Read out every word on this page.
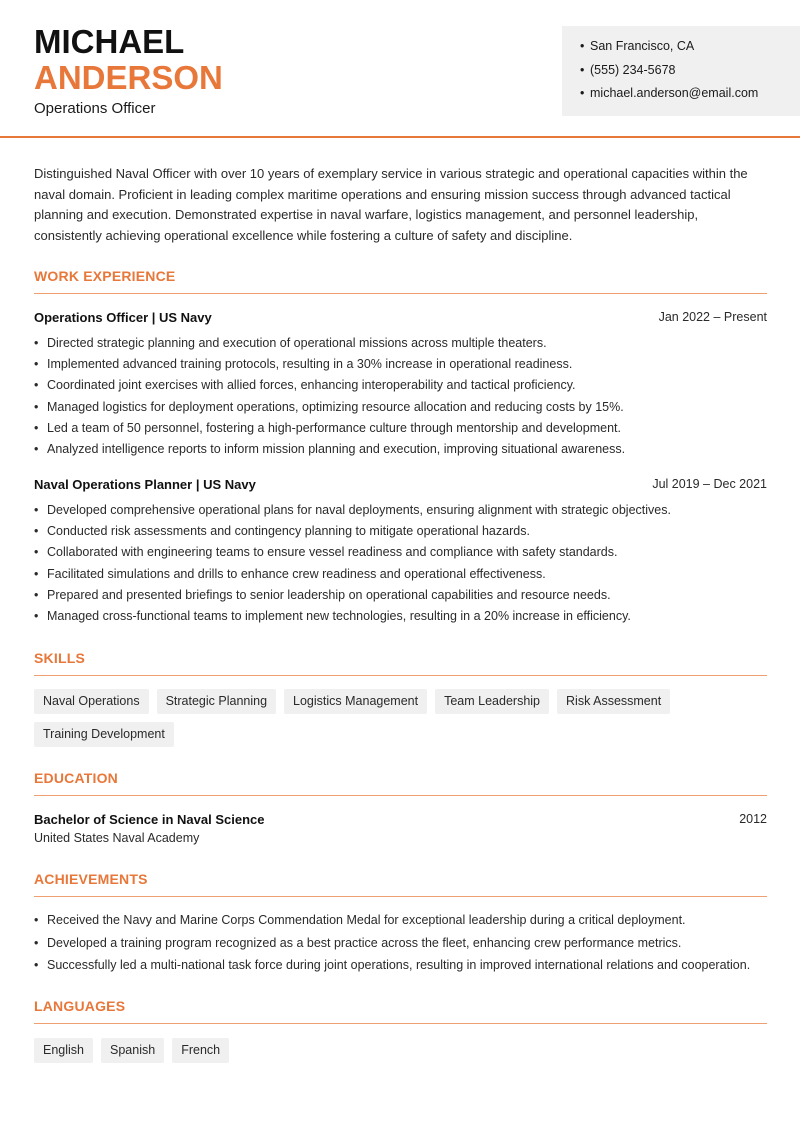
MICHAEL
ANDERSON
Operations Officer
• San Francisco, CA
• (555) 234-5678
• michael.anderson@email.com
Distinguished Naval Officer with over 10 years of exemplary service in various strategic and operational capacities within the naval domain. Proficient in leading complex maritime operations and ensuring mission success through advanced tactical planning and execution. Demonstrated expertise in naval warfare, logistics management, and personnel leadership, consistently achieving operational excellence while fostering a culture of safety and discipline.
WORK EXPERIENCE
Operations Officer | US Navy	Jan 2022 – Present
• Directed strategic planning and execution of operational missions across multiple theaters.
• Implemented advanced training protocols, resulting in a 30% increase in operational readiness.
• Coordinated joint exercises with allied forces, enhancing interoperability and tactical proficiency.
• Managed logistics for deployment operations, optimizing resource allocation and reducing costs by 15%.
• Led a team of 50 personnel, fostering a high-performance culture through mentorship and development.
• Analyzed intelligence reports to inform mission planning and execution, improving situational awareness.
Naval Operations Planner | US Navy	Jul 2019 – Dec 2021
• Developed comprehensive operational plans for naval deployments, ensuring alignment with strategic objectives.
• Conducted risk assessments and contingency planning to mitigate operational hazards.
• Collaborated with engineering teams to ensure vessel readiness and compliance with safety standards.
• Facilitated simulations and drills to enhance crew readiness and operational effectiveness.
• Prepared and presented briefings to senior leadership on operational capabilities and resource needs.
• Managed cross-functional teams to implement new technologies, resulting in a 20% increase in efficiency.
SKILLS
Naval Operations	Strategic Planning	Logistics Management	Team Leadership	Risk Assessment
Training Development
EDUCATION
Bachelor of Science in Naval Science	2012
United States Naval Academy
ACHIEVEMENTS
• Received the Navy and Marine Corps Commendation Medal for exceptional leadership during a critical deployment.
• Developed a training program recognized as a best practice across the fleet, enhancing crew performance metrics.
• Successfully led a multi-national task force during joint operations, resulting in improved international relations and cooperation.
LANGUAGES
English	Spanish	French
